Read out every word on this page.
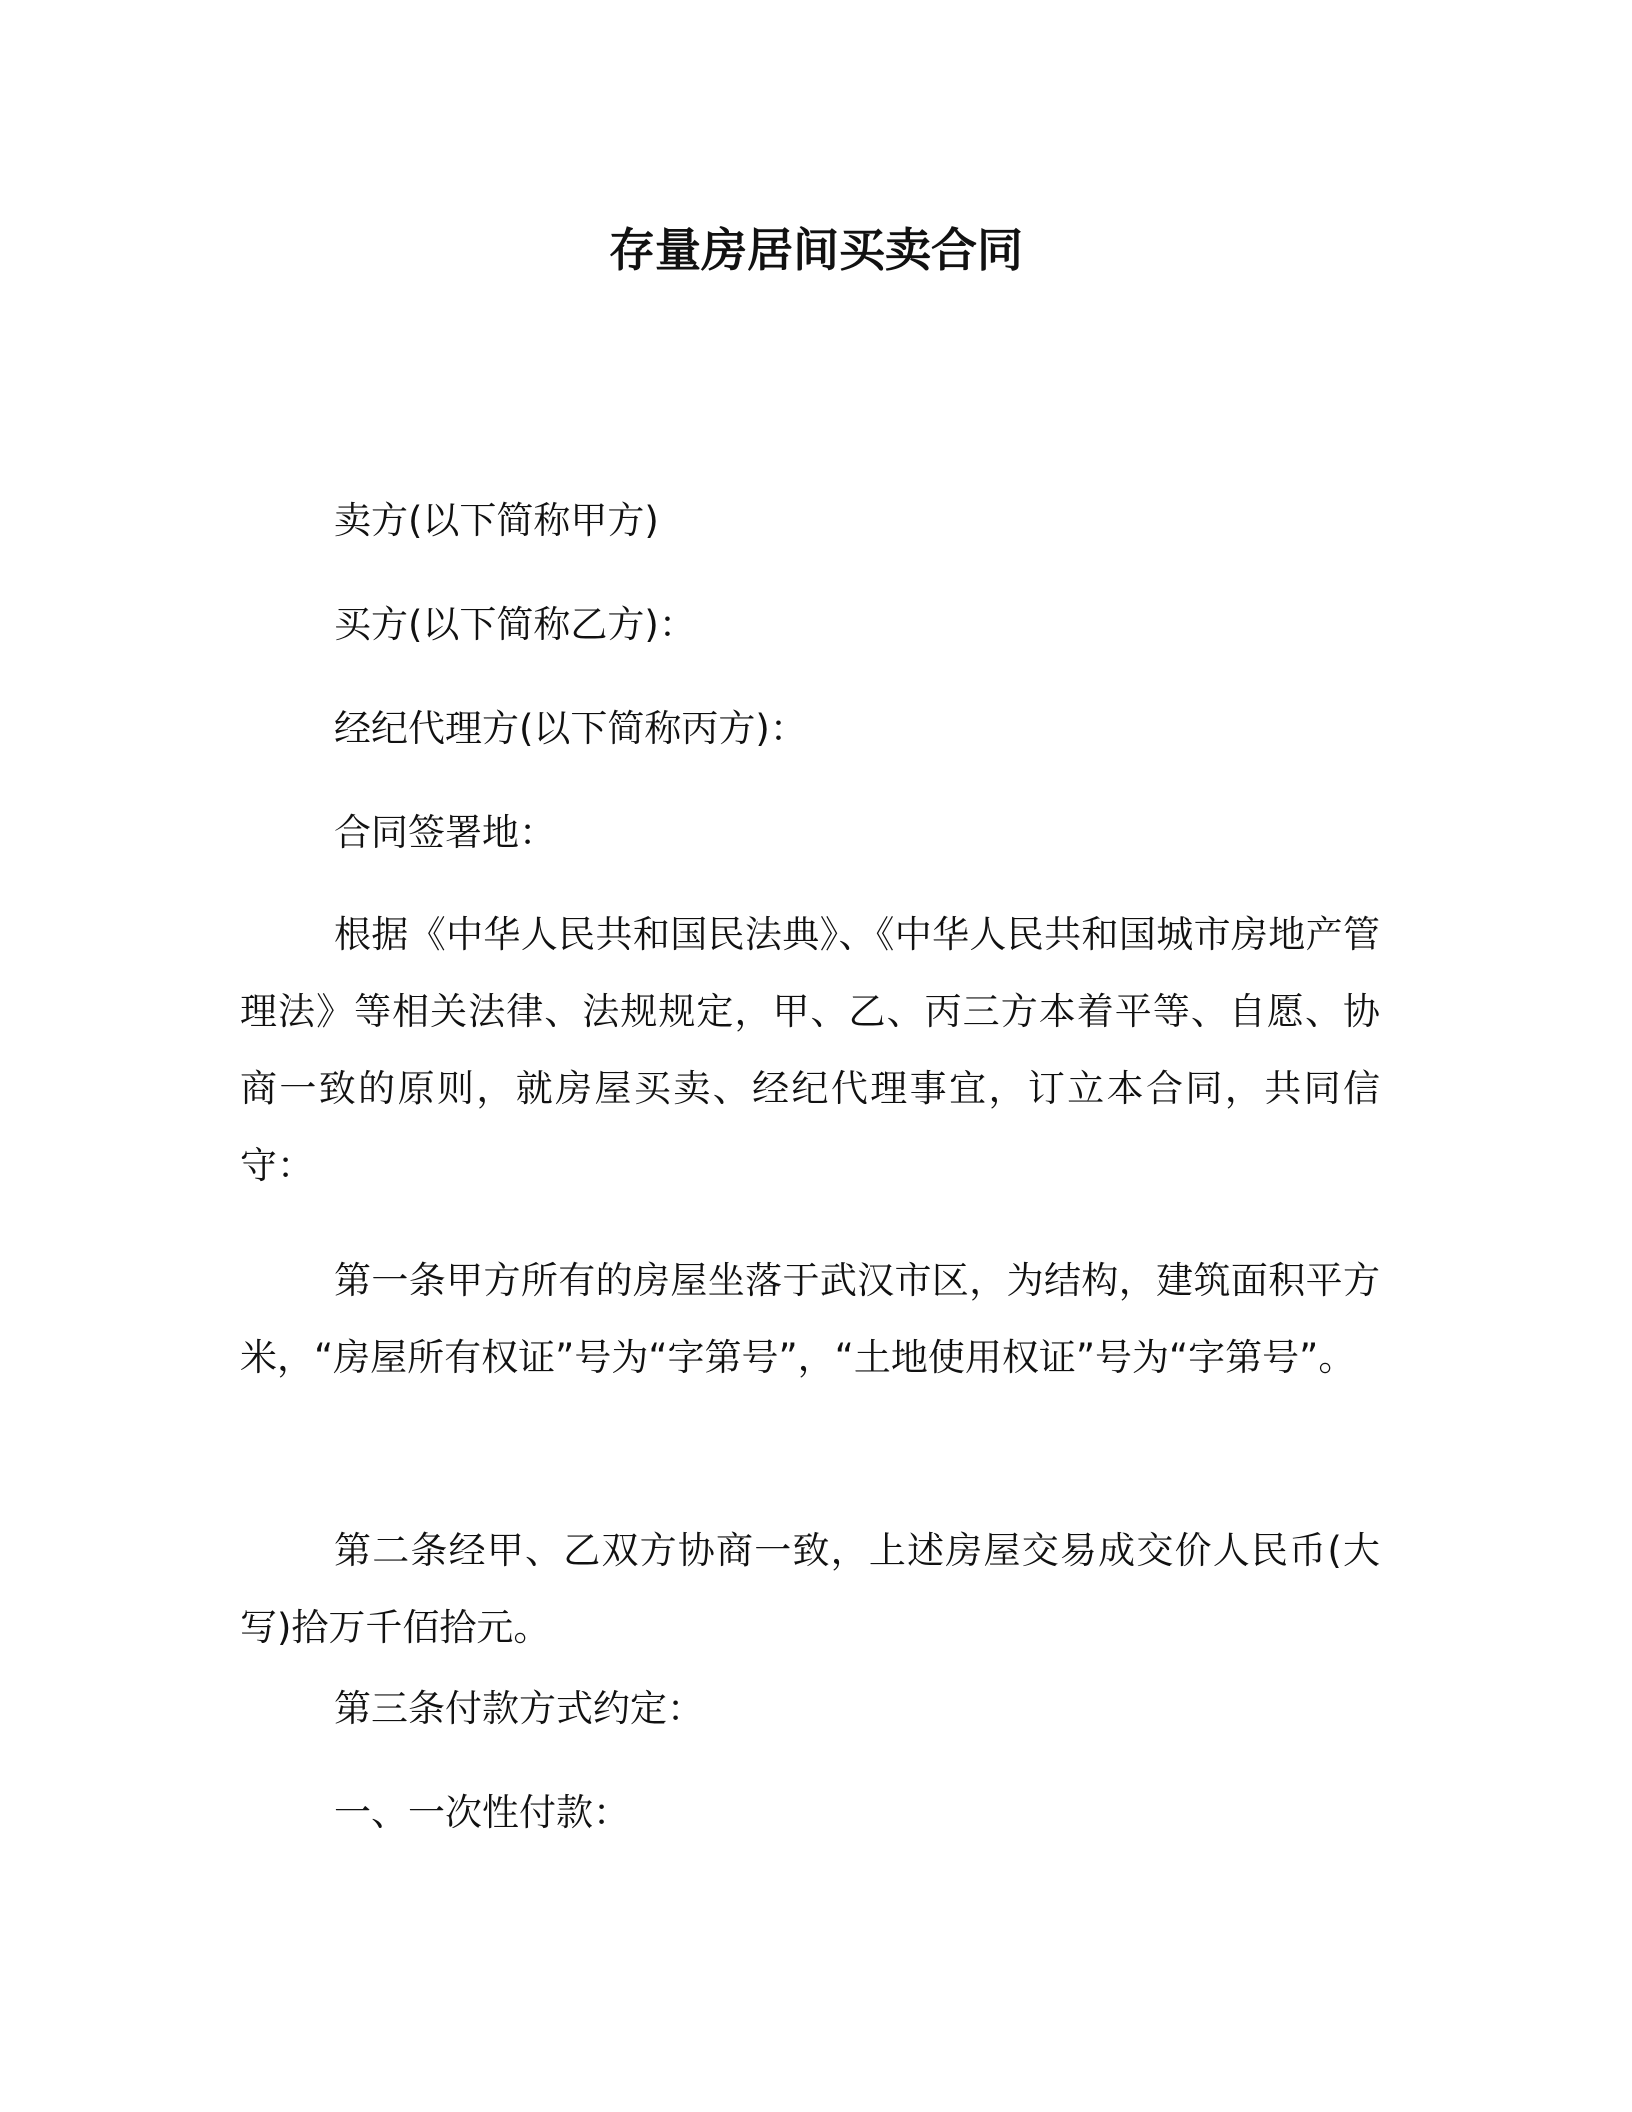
存量房居间买卖合同
卖方(以下简称甲方)
买方(以下简称乙方)：
经纪代理方(以下简称丙方)：
合同签署地：
根据《中华人民共和国民法典》、《中华人民共和国城市房地产管理法》等相关法律、法规规定，甲、乙、丙三方本着平等、自愿、协商一致的原则，就房屋买卖、经纪代理事宜，订立本合同，共同信守：
第一条甲方所有的房屋坐落于武汉市区，为结构，建筑面积平方米，“房屋所有权证”号为“字第号”，“土地使用权证”号为“字第号”。
第二条经甲、乙双方协商一致，上述房屋交易成交价人民币(大写)拾万千佰拾元。
第三条付款方式约定：
一、一次性付款：
